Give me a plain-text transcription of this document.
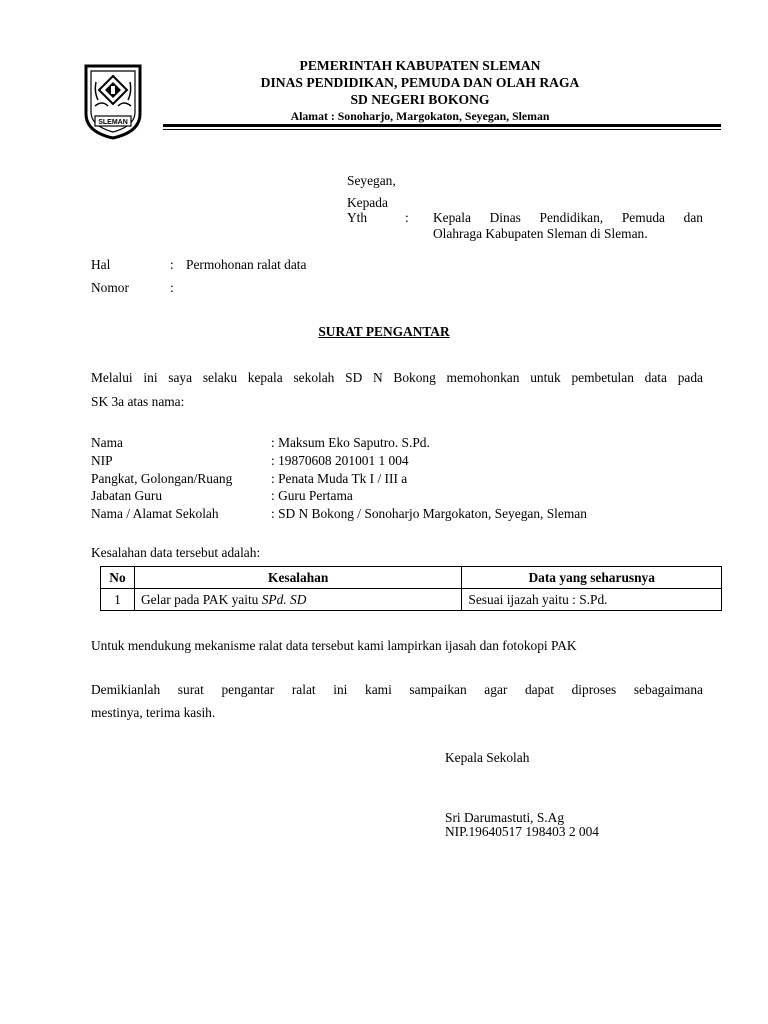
SLEMAN
PEMERINTAH KABUPATEN SLEMAN
DINAS PENDIDIKAN, PEMUDA DAN OLAH RAGA
SD NEGERI BOKONG
Alamat : Sonoharjo, Margokaton, Seyegan, Sleman
Seyegan,
Kepada
Yth	: Kepala Dinas Pendidikan, Pemuda dan
Olahraga Kabupaten Sleman di Sleman.
Hal	: Permohonan ralat data
Nomor	:
SURAT PENGANTAR
Melalui ini saya selaku kepala sekolah SD N Bokong memohonkan untuk pembetulan data pada
SK 3a atas nama:
Nama	: Maksum Eko Saputro. S.Pd.
NIP	: 19870608 201001 1 004
Pangkat, Golongan/Ruang	: Penata Muda Tk I / III a
Jabatan Guru	: Guru Pertama
Nama / Alamat Sekolah	: SD N Bokong / Sonoharjo Margokaton, Seyegan, Sleman
Kesalahan data tersebut adalah:
No	Kesalahan	Data yang seharusnya
1	Gelar pada PAK yaitu SPd. SD	Sesuai ijazah yaitu : S.Pd.
Untuk mendukung mekanisme ralat data tersebut kami lampirkan ijasah dan fotokopi PAK
Demikianlah surat pengantar ralat ini kami sampaikan agar dapat diproses sebagaimana
mestinya, terima kasih.
Kepala Sekolah
Sri Darumastuti, S.Ag
NIP.19640517 198403 2 004
